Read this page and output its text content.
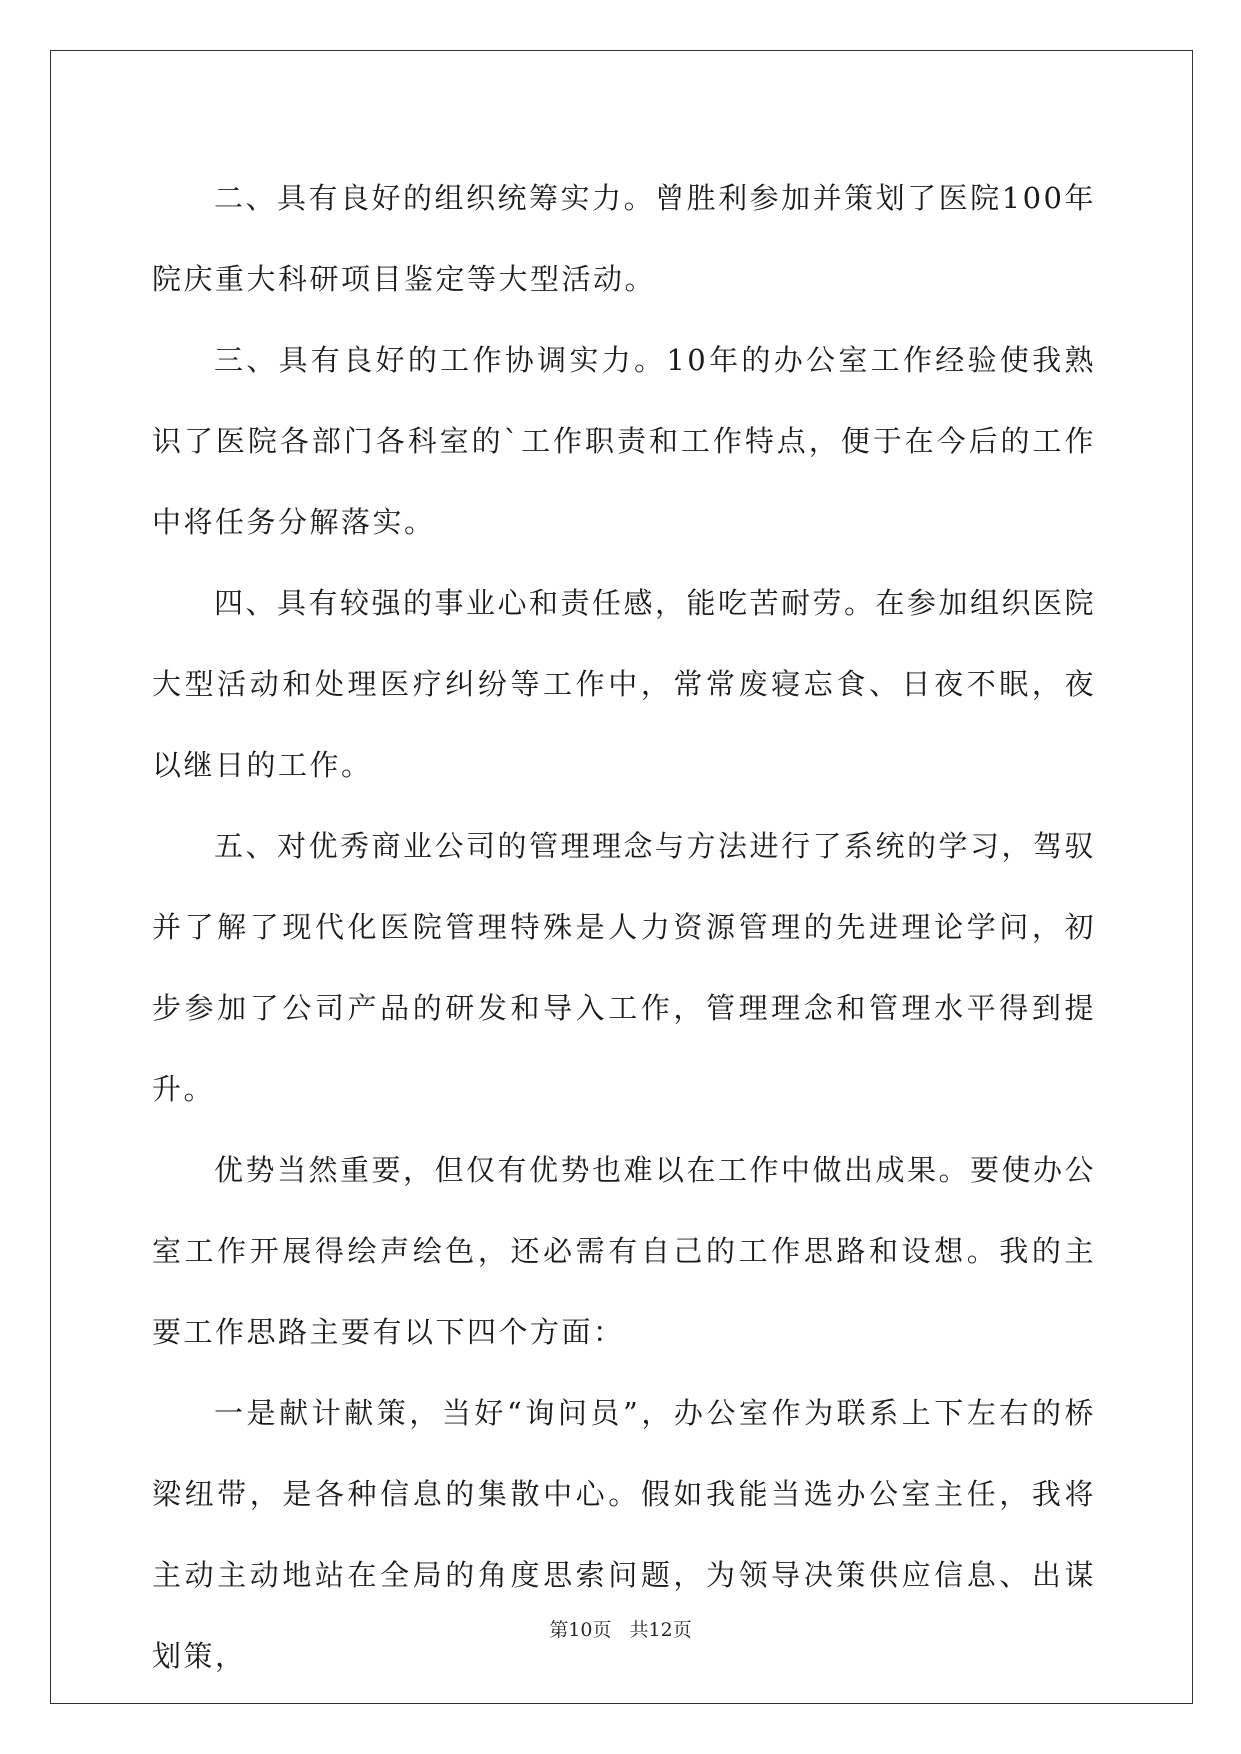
二、具有良好的组织统筹实力。曾胜利参加并策划了医院100年院庆重大科研项目鉴定等大型活动。

三、具有良好的工作协调实力。10年的办公室工作经验使我熟识了医院各部门各科室的`工作职责和工作特点，便于在今后的工作中将任务分解落实。

四、具有较强的事业心和责任感，能吃苦耐劳。在参加组织医院大型活动和处理医疗纠纷等工作中，常常废寝忘食、日夜不眠，夜以继日的工作。

五、对优秀商业公司的管理理念与方法进行了系统的学习，驾驭并了解了现代化医院管理特殊是人力资源管理的先进理论学问，初步参加了公司产品的研发和导入工作，管理理念和管理水平得到提升。

优势当然重要，但仅有优势也难以在工作中做出成果。要使办公室工作开展得绘声绘色，还必需有自己的工作思路和设想。我的主要工作思路主要有以下四个方面：

一是献计献策，当好“询问员”，办公室作为联系上下左右的桥梁纽带，是各种信息的集散中心。假如我能当选办公室主任，我将主动主动地站在全局的角度思索问题，为领导决策供应信息、出谋划策，

第10页 共12页
